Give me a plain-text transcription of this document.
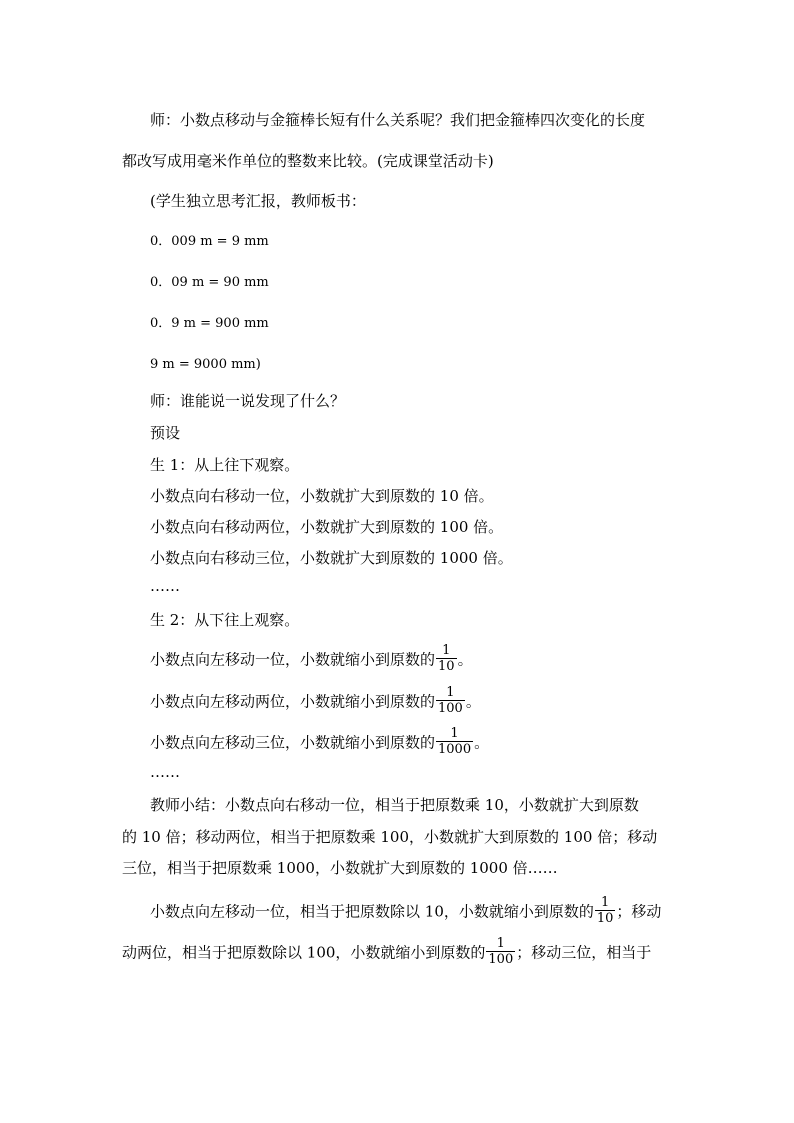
师：小数点移动与金箍棒长短有什么关系呢？我们把金箍棒四次变化的长度
都改写成用毫米作单位的整数来比较。(完成课堂活动卡)
(学生独立思考汇报，教师板书：
0．009 m = 9 mm
0．09 m = 90 mm
0．9 m = 900 mm
9 m = 9000 mm)
师：谁能说一说发现了什么？
预设
生 1：从上往下观察。
小数点向右移动一位，小数就扩大到原数的 10 倍。
小数点向右移动两位，小数就扩大到原数的 100 倍。
小数点向右移动三位，小数就扩大到原数的 1000 倍。
……
生 2：从下往上观察。
小数点向左移动一位，小数就缩小到原数的 $\frac{1}{10}$ 。
小数点向左移动两位，小数就缩小到原数的 $\frac{1}{100}$ 。
小数点向左移动三位，小数就缩小到原数的 $\frac{1}{1000}$ 。
……
教师小结：小数点向右移动一位，相当于把原数乘 10，小数就扩大到原数
的 10 倍；移动两位，相当于把原数乘 100，小数就扩大到原数的 100 倍；移动
三位，相当于把原数乘 1000，小数就扩大到原数的 1000 倍……
小数点向左移动一位，相当于把原数除以 10，小数就缩小到原数的 $\frac{1}{10}$ ；移动
动两位，相当于把原数除以 100，小数就缩小到原数的 $\frac{1}{100}$ ；移动三位，相当于
